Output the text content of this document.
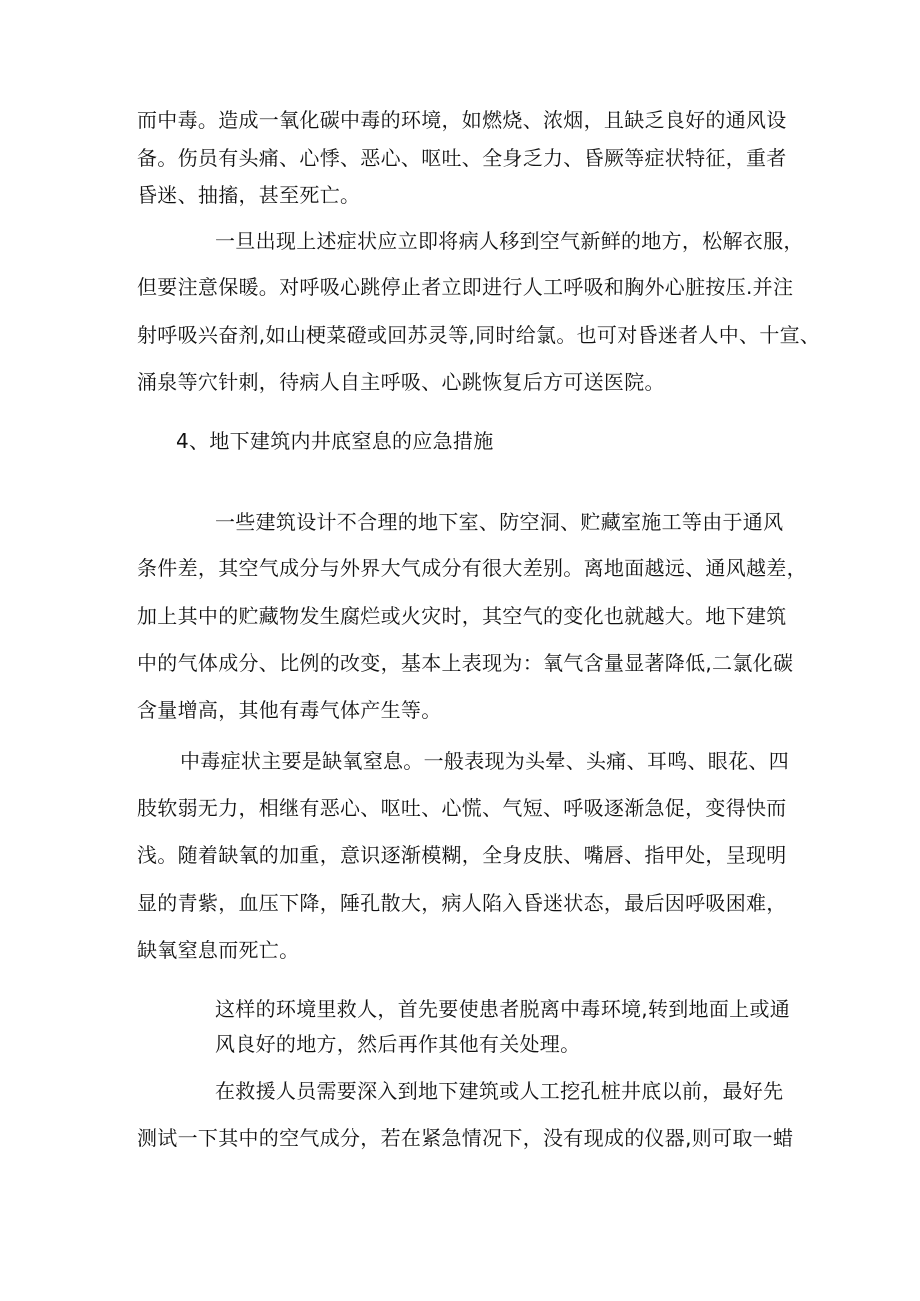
而中毒。造成一氧化碳中毒的环境，如燃烧、浓烟，且缺乏良好的通风设
备。伤员有头痛、心悸、恶心、呕吐、全身乏力、昏厥等症状特征，重者
昏迷、抽搐，甚至死亡。
一旦出现上述症状应立即将病人移到空气新鲜的地方，松解衣服，
但要注意保暖。对呼吸心跳停止者立即进行人工呼吸和胸外心脏按压.并注
射呼吸兴奋剂,如山梗菜磴或回苏灵等,同时给氯。也可对昏迷者人中、十宣、
涌泉等穴针刺，待病人自主呼吸、心跳恢复后方可送医院。
4、地下建筑内井底窒息的应急措施
一些建筑设计不合理的地下室、防空洞、贮藏室施工等由于通风
条件差，其空气成分与外界大气成分有很大差别。离地面越远、通风越差，
加上其中的贮藏物发生腐烂或火灾时，其空气的变化也就越大。地下建筑
中的气体成分、比例的改变，基本上表现为：氧气含量显著降低,二氯化碳
含量增高，其他有毒气体产生等。
中毒症状主要是缺氧窒息。一般表现为头晕、头痛、耳鸣、眼花、四
肢软弱无力，相继有恶心、呕吐、心慌、气短、呼吸逐渐急促，变得快而
浅。随着缺氧的加重，意识逐渐模糊，全身皮肤、嘴唇、指甲处，呈现明
显的青紫，血压下降，陲孔散大，病人陷入昏迷状态，最后因呼吸困难，
缺氧窒息而死亡。
这样的环境里救人，首先要使患者脱离中毒环境,转到地面上或通
风良好的地方，然后再作其他有关处理。
在救援人员需要深入到地下建筑或人工挖孔桩井底以前，最好先
测试一下其中的空气成分，若在紧急情况下，没有现成的仪器,则可取一蜡
